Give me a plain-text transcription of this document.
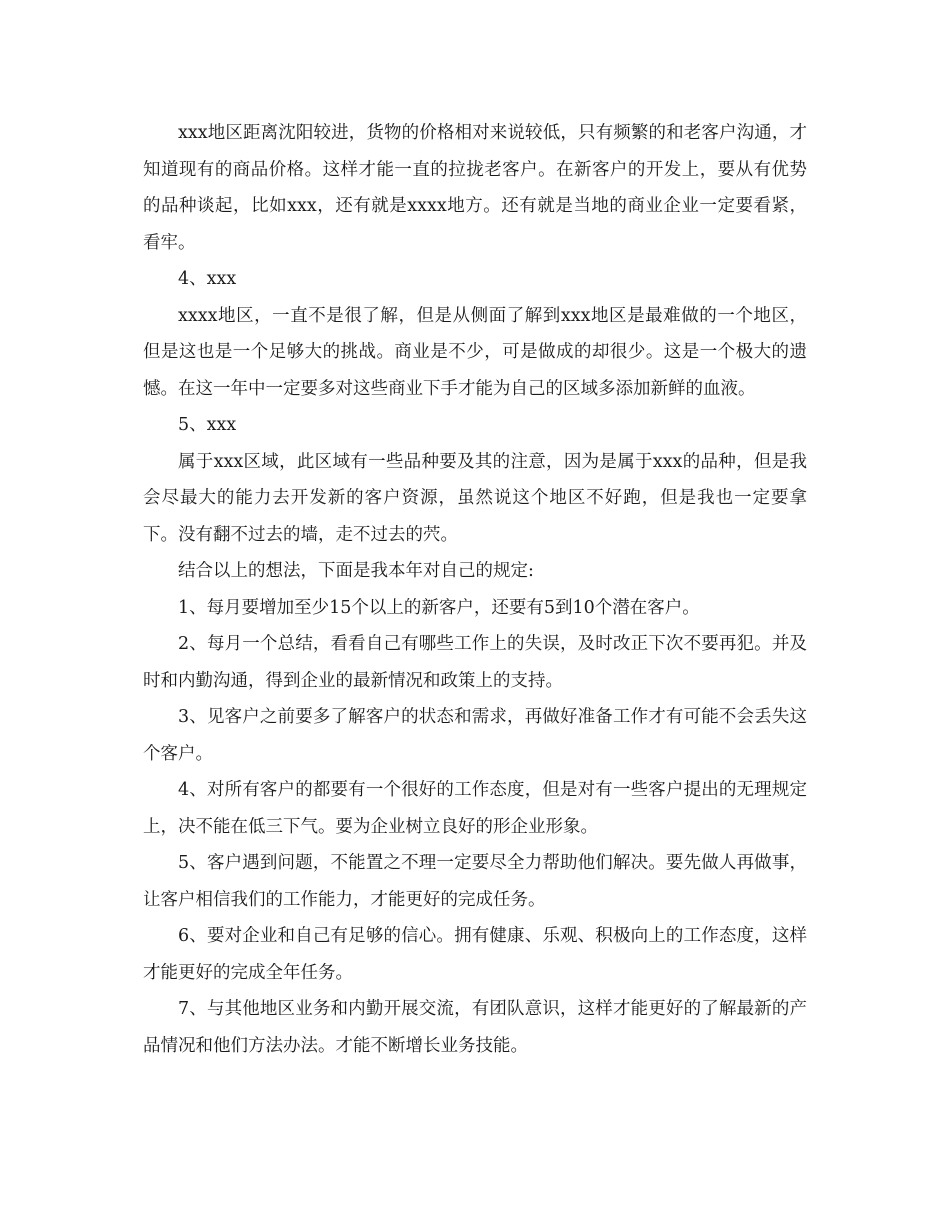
xxx地区距离沈阳较进，货物的价格相对来说较低，只有频繁的和老客户沟通，才知道现有的商品价格。这样才能一直的拉拢老客户。在新客户的开发上，要从有优势的品种谈起，比如xxx，还有就是xxxx地方。还有就是当地的商业企业一定要看紧，看牢。

4、xxx

xxxx地区，一直不是很了解，但是从侧面了解到xxx地区是最难做的一个地区，但是这也是一个足够大的挑战。商业是不少，可是做成的却很少。这是一个极大的遗憾。在这一年中一定要多对这些商业下手才能为自己的区域多添加新鲜的血液。

5、xxx

属于xxx区域，此区域有一些品种要及其的注意，因为是属于xxx的品种，但是我会尽最大的能力去开发新的客户资源，虽然说这个地区不好跑，但是我也一定要拿下。没有翻不过去的墙，走不过去的茓。

结合以上的想法，下面是我本年对自己的规定:

1、每月要增加至少15个以上的新客户，还要有5到10个潜在客户。

2、每月一个总结，看看自己有哪些工作上的失误，及时改正下次不要再犯。并及时和内勤沟通，得到企业的最新情况和政策上的支持。

3、见客户之前要多了解客户的状态和需求，再做好准备工作才有可能不会丢失这个客户。

4、对所有客户的都要有一个很好的工作态度，但是对有一些客户提出的无理规定上，决不能在低三下气。要为企业树立良好的形企业形象。

5、客户遇到问题，不能置之不理一定要尽全力帮助他们解决。要先做人再做事，让客户相信我们的工作能力，才能更好的完成任务。

6、要对企业和自己有足够的信心。拥有健康、乐观、积极向上的工作态度，这样才能更好的完成全年任务。

7、与其他地区业务和内勤开展交流，有团队意识，这样才能更好的了解最新的产品情况和他们方法办法。才能不断增长业务技能。
